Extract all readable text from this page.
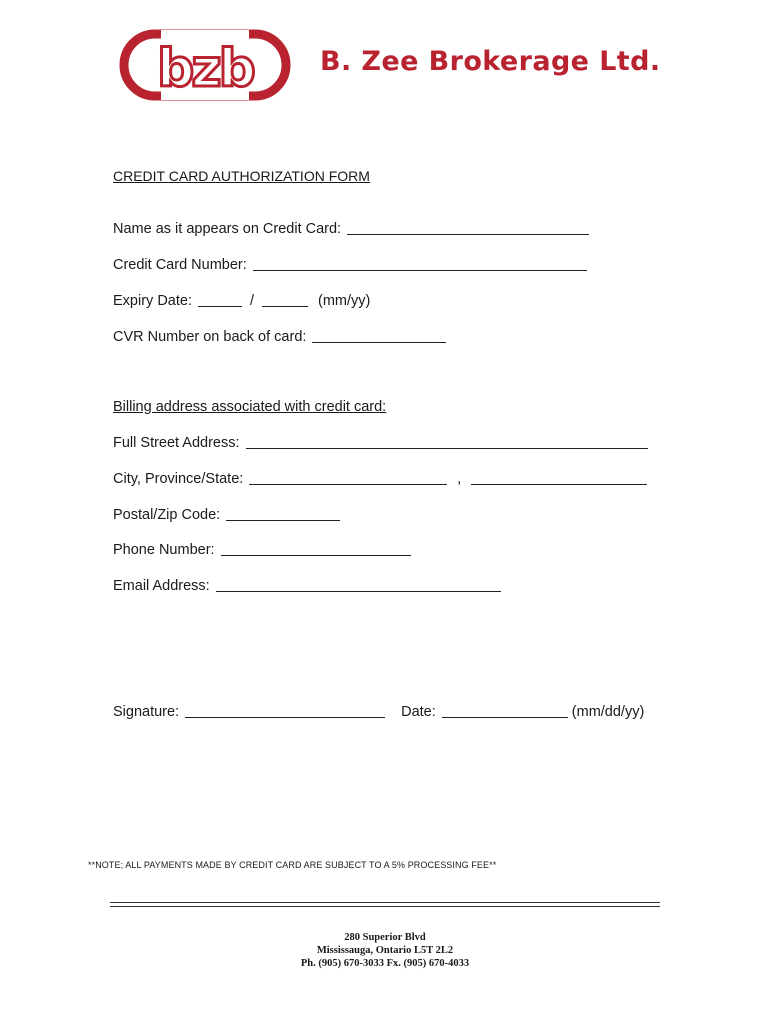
bzb B. Zee Brokerage Ltd.
CREDIT CARD AUTHORIZATION FORM
Name as it appears on Credit Card:
Credit Card Number:
Expiry Date:	/	(mm/yy)
CVR Number on back of card:
Billing address associated with credit card:
Full Street Address:
City, Province/State:	,
Postal/Zip Code:
Phone Number:
Email Address:
Signature:	Date:	(mm/dd/yy)
**NOTE; ALL PAYMENTS MADE BY CREDIT CARD ARE SUBJECT TO A 5% PROCESSING FEE**
280 Superior Blvd
Mississauga, Ontario L5T 2L2
Ph. (905) 670-3033 Fx. (905) 670-4033
